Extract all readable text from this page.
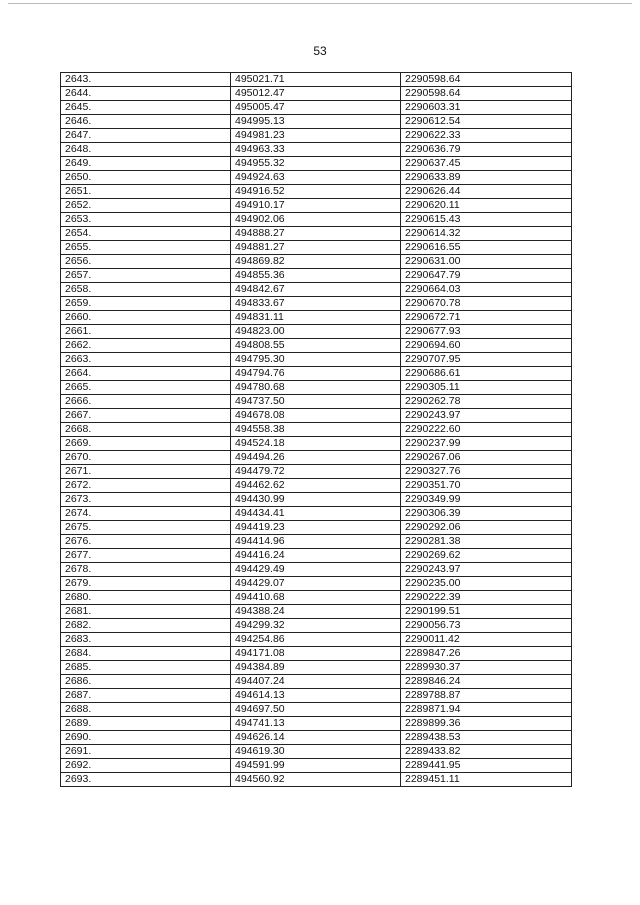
53
2643.	495021.71	2290598.64
2644.	495012.47	2290598.64
2645.	495005.47	2290603.31
2646.	494995.13	2290612.54
2647.	494981.23	2290622.33
2648.	494963.33	2290636.79
2649.	494955.32	2290637.45
2650.	494924.63	2290633.89
2651.	494916.52	2290626.44
2652.	494910.17	2290620.11
2653.	494902.06	2290615.43
2654.	494888.27	2290614.32
2655.	494881.27	2290616.55
2656.	494869.82	2290631.00
2657.	494855.36	2290647.79
2658.	494842.67	2290664.03
2659.	494833.67	2290670.78
2660.	494831.11	2290672.71
2661.	494823.00	2290677.93
2662.	494808.55	2290694.60
2663.	494795.30	2290707.95
2664.	494794.76	2290686.61
2665.	494780.68	2290305.11
2666.	494737.50	2290262.78
2667.	494678.08	2290243.97
2668.	494558.38	2290222.60
2669.	494524.18	2290237.99
2670.	494494.26	2290267.06
2671.	494479.72	2290327.76
2672.	494462.62	2290351.70
2673.	494430.99	2290349.99
2674.	494434.41	2290306.39
2675.	494419.23	2290292.06
2676.	494414.96	2290281.38
2677.	494416.24	2290269.62
2678.	494429.49	2290243.97
2679.	494429.07	2290235.00
2680.	494410.68	2290222.39
2681.	494388.24	2290199.51
2682.	494299.32	2290056.73
2683.	494254.86	2290011.42
2684.	494171.08	2289847.26
2685.	494384.89	2289930.37
2686.	494407.24	2289846.24
2687.	494614.13	2289788.87
2688.	494697.50	2289871.94
2689.	494741.13	2289899.36
2690.	494626.14	2289438.53
2691.	494619.30	2289433.82
2692.	494591.99	2289441.95
2693.	494560.92	2289451.11
